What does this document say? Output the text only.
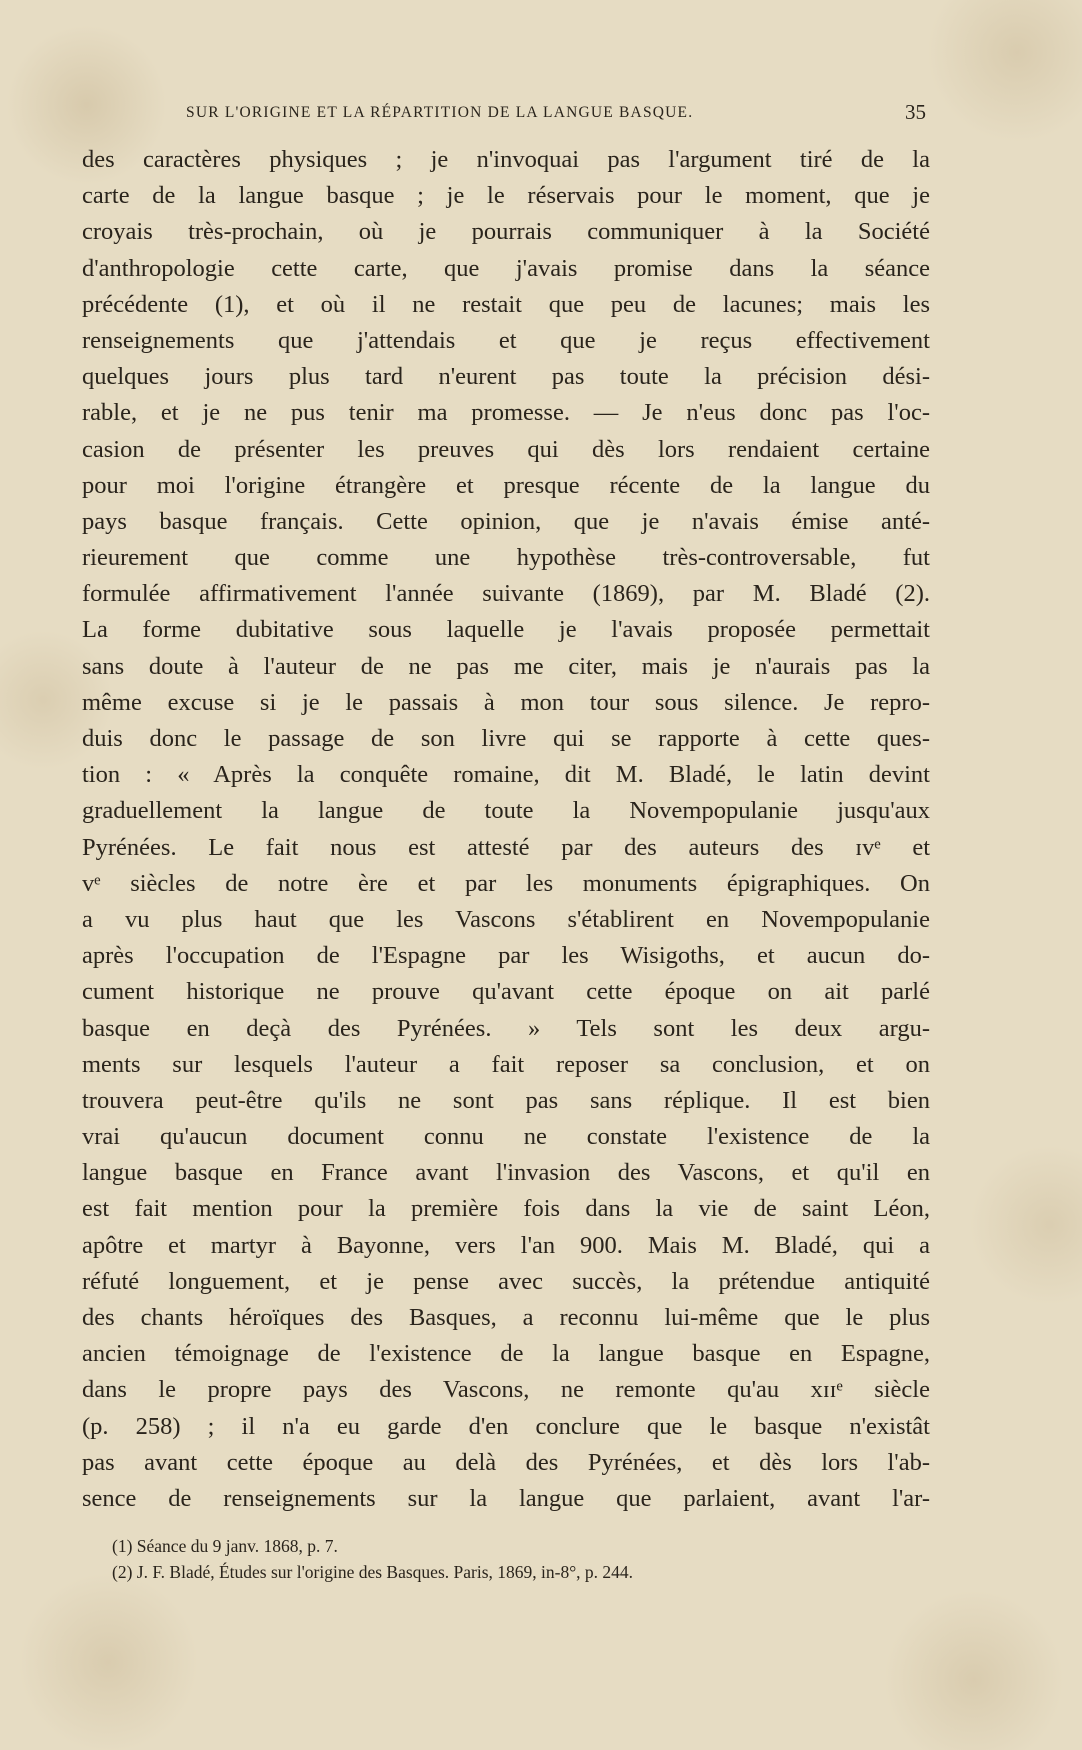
SUR L'ORIGINE ET LA RÉPARTITION DE LA LANGUE BASQUE.	35
des caractères physiques ; je n'invoquai pas l'argument tiré de la
carte de la langue basque ; je le réservais pour le moment, que je
croyais très-prochain, où je pourrais communiquer à la Société
d'anthropologie cette carte, que j'avais promise dans la séance
précédente (1), et où il ne restait que peu de lacunes; mais les
renseignements que j'attendais et que je reçus effectivement
quelques jours plus tard n'eurent pas toute la précision dési-
rable, et je ne pus tenir ma promesse. — Je n'eus donc pas l'oc-
casion de présenter les preuves qui dès lors rendaient certaine
pour moi l'origine étrangère et presque récente de la langue du
pays basque français. Cette opinion, que je n'avais émise anté-
rieurement que comme une hypothèse très-controversable, fut
formulée affirmativement l'année suivante (1869), par M. Bladé (2).
La forme dubitative sous laquelle je l'avais proposée permettait
sans doute à l'auteur de ne pas me citer, mais je n'aurais pas la
même excuse si je le passais à mon tour sous silence. Je repro-
duis donc le passage de son livre qui se rapporte à cette ques-
tion : « Après la conquête romaine, dit M. Bladé, le latin devint
graduellement la langue de toute la Novempopulanie jusqu'aux
Pyrénées. Le fait nous est attesté par des auteurs des ɪvᵉ et
vᵉ siècles de notre ère et par les monuments épigraphiques. On
a vu plus haut que les Vascons s'établirent en Novempopulanie
après l'occupation de l'Espagne par les Wisigoths, et aucun do-
cument historique ne prouve qu'avant cette époque on ait parlé
basque en deçà des Pyrénées. » Tels sont les deux argu-
ments sur lesquels l'auteur a fait reposer sa conclusion, et on
trouvera peut-être qu'ils ne sont pas sans réplique. Il est bien
vrai qu'aucun document connu ne constate l'existence de la
langue basque en France avant l'invasion des Vascons, et qu'il en
est fait mention pour la première fois dans la vie de saint Léon,
apôtre et martyr à Bayonne, vers l'an 900. Mais M. Bladé, qui a
réfuté longuement, et je pense avec succès, la prétendue antiquité
des chants héroïques des Basques, a reconnu lui-même que le plus
ancien témoignage de l'existence de la langue basque en Espagne,
dans le propre pays des Vascons, ne remonte qu'au xɪɪᵉ siècle
(p. 258) ; il n'a eu garde d'en conclure que le basque n'existât
pas avant cette époque au delà des Pyrénées, et dès lors l'ab-
sence de renseignements sur la langue que parlaient, avant l'ar-
(1) Séance du 9 janv. 1868, p. 7.
(2) J. F. Bladé, Études sur l'origine des Basques. Paris, 1869, in-8°, p. 244.
